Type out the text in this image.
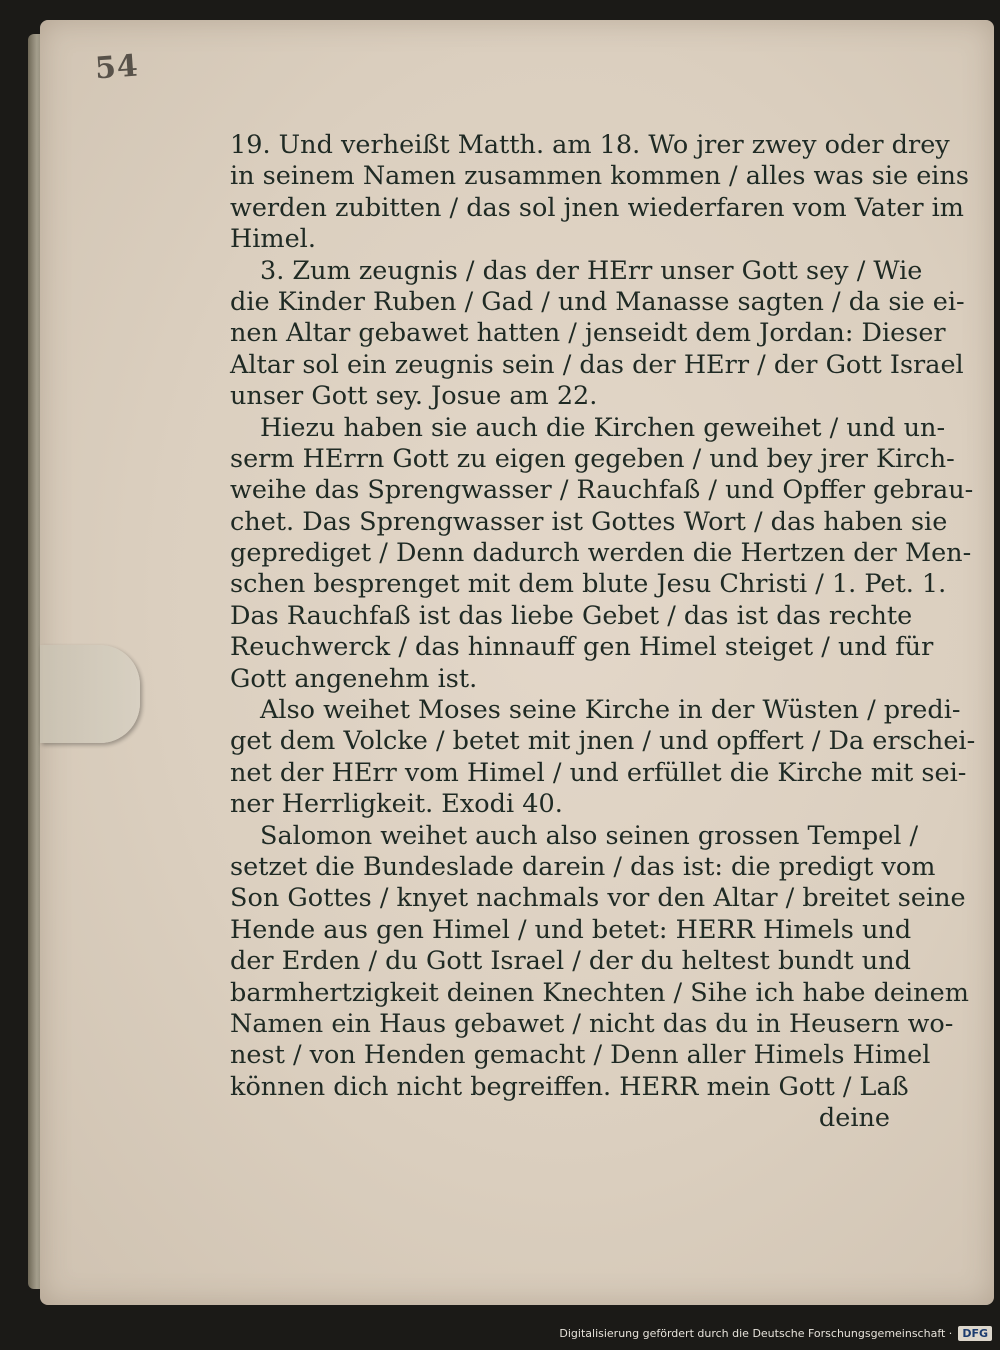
54
19. Und verheißt Matth. am 18. Wo jrer zwey oder drey
in seinem Namen zusammen kommen / alles was sie eins
werden zubitten / das sol jnen wiederfaren vom Vater im
Himel.
3. Zum zeugnis / das der HErr unser Gott sey / Wie
die Kinder Ruben / Gad / und Manasse sagten / da sie ei-
nen Altar gebawet hatten / jenseidt dem Jordan: Dieser
Altar sol ein zeugnis sein / das der HErr / der Gott Israel
unser Gott sey. Josue am 22.
Hiezu haben sie auch die Kirchen geweihet / und un-
serm HErrn Gott zu eigen gegeben / und bey jrer Kirch-
weihe das Sprengwasser / Rauchfaß / und Opffer gebrau-
chet. Das Sprengwasser ist Gottes Wort / das haben sie
geprediget / Denn dadurch werden die Hertzen der Men-
schen besprenget mit dem blute Jesu Christi / 1. Pet. 1.
Das Rauchfaß ist das liebe Gebet / das ist das rechte
Reuchwerck / das hinnauff gen Himel steiget / und für
Gott angenehm ist.
Also weihet Moses seine Kirche in der Wüsten / predi-
get dem Volcke / betet mit jnen / und opffert / Da erschei-
net der HErr vom Himel / und erfüllet die Kirche mit sei-
ner Herrligkeit. Exodi 40.
Salomon weihet auch also seinen grossen Tempel /
setzet die Bundeslade darein / das ist: die predigt vom
Son Gottes / knyet nachmals vor den Altar / breitet seine
Hende aus gen Himel / und betet: HERR Himels und
der Erden / du Gott Israel / der du heltest bundt und
barmhertzigkeit deinen Knechten / Sihe ich habe deinem
Namen ein Haus gebawet / nicht das du in Heusern wo-
nest / von Henden gemacht / Denn aller Himels Himel
können dich nicht begreiffen. HERR mein Gott / Laß
deine
Digitalisierung gefördert durch die Deutsche Forschungsgemeinschaft · DFG
